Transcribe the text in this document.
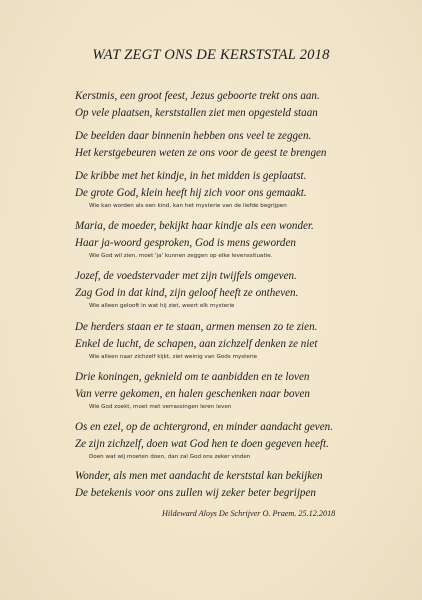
WAT ZEGT ONS DE KERSTSTAL 2018
Kerstmis, een groot feest, Jezus geboorte trekt ons aan.
Op vele plaatsen, kerststallen ziet men opgesteld staan
De beelden daar binnenin hebben ons veel te zeggen.
Het kerstgebeuren weten ze ons voor de geest te brengen
De kribbe met het kindje, in het midden is geplaatst.
De grote God, klein heeft hij zich voor ons gemaakt.
Wie kan worden als een kind, kan het mysterie van de liefde begrijpen
Maria, de moeder, bekijkt haar kindje als een wonder.
Haar ja-woord gesproken, God is mens geworden
Wie God wil zien, moet 'ja' kunnen zeggen op elke levenssituatie.
Jozef, de voedstervader met zijn twijfels omgeven.
Zag God in dat kind, zijn geloof heeft ze ontheven.
Wie alleen gelooft in wat hij ziet, weert elk mysterie
De herders staan er te staan, armen mensen zo te zien.
Enkel de lucht, de schapen, aan zichzelf denken ze niet
Wie alleen naar zichzelf kijkt, ziet weinig van Gods mysterie
Drie koningen, geknield om te aanbidden en te loven
Van verre gekomen, en halen geschenken naar boven
Wie God zoekt, moet met verrassingen leren leven
Os en ezel, op de achtergrond, en minder aandacht geven.
Ze zijn zichzelf, doen wat God hen te doen gegeven heeft.
Doen wat wij moeten doen, dan zal God ons zeker vinden
Wonder, als men met aandacht de kerststal kan bekijken
De betekenis voor ons zullen wij zeker beter begrijpen
Hildeward Aloys De Schrijver O. Praem. 25.12.2018
